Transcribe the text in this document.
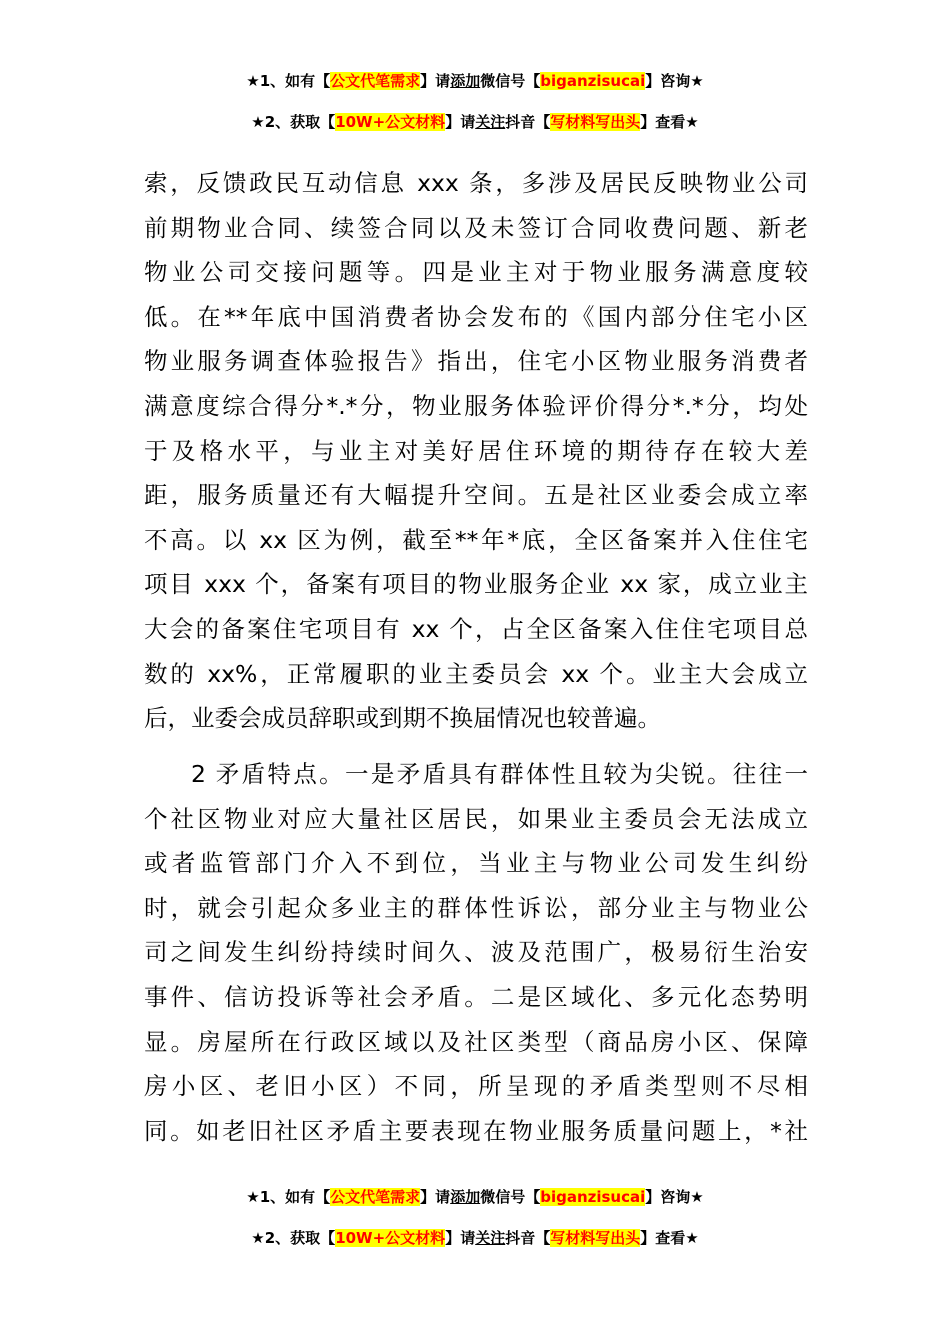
★1、如有【公文代笔需求】请添加微信号【biganzisucai】咨询★
★2、获取【10W+公文材料】请关注抖音【写材料写出头】查看★
索，反馈政民互动信息 xxx 条，多涉及居民反映物业公司
前期物业合同、续签合同以及未签订合同收费问题、新老
物业公司交接问题等。四是业主对于物业服务满意度较
低。在**年底中国消费者协会发布的《国内部分住宅小区
物业服务调查体验报告》指出，住宅小区物业服务消费者
满意度综合得分*.*分，物业服务体验评价得分*.*分，均处
于及格水平，与业主对美好居住环境的期待存在较大差
距，服务质量还有大幅提升空间。五是社区业委会成立率
不高。以 xx 区为例，截至**年*底，全区备案并入住住宅
项目 xxx 个，备案有项目的物业服务企业 xx 家，成立业主
大会的备案住宅项目有 xx 个，占全区备案入住住宅项目总
数的 xx%，正常履职的业主委员会 xx 个。业主大会成立
后，业委会成员辞职或到期不换届情况也较普遍。
2 矛盾特点。一是矛盾具有群体性且较为尖锐。往往一
个社区物业对应大量社区居民，如果业主委员会无法成立
或者监管部门介入不到位，当业主与物业公司发生纠纷
时，就会引起众多业主的群体性诉讼，部分业主与物业公
司之间发生纠纷持续时间久、波及范围广，极易衍生治安
事件、信访投诉等社会矛盾。二是区域化、多元化态势明
显。房屋所在行政区域以及社区类型（商品房小区、保障
房小区、老旧小区）不同，所呈现的矛盾类型则不尽相
同。如老旧社区矛盾主要表现在物业服务质量问题上，*社
★1、如有【公文代笔需求】请添加微信号【biganzisucai】咨询★
★2、获取【10W+公文材料】请关注抖音【写材料写出头】查看★
